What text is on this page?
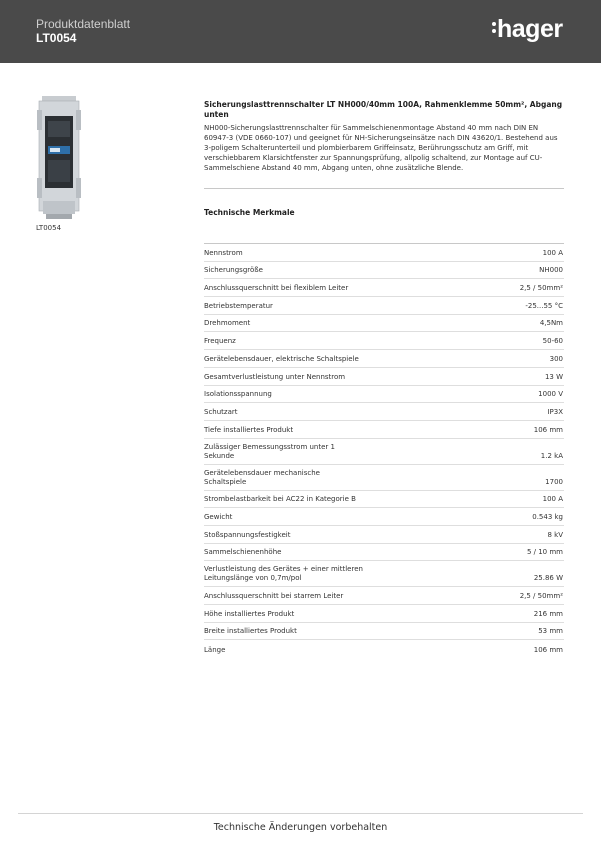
Produktdatenblatt
LT0054	hager
LT0054
Sicherungslasttrennschalter LT NH000/40mm 100A, Rahmenklemme 50mm², Abgang unten
NH000-Sicherungslasttrennschalter für Sammelschienenmontage Abstand 40 mm nach DIN EN 60947-3 (VDE 0660-107) und geeignet für NH-Sicherungseinsätze nach DIN 43620/1. Bestehend aus 3-poligem Schalterunterteil und plombierbarem Griffeinsatz, Berührungsschutz am Griff, mit verschiebbarem Klarsichtfenster zur Spannungsprüfung, allpolig schaltend, zur Montage auf CU-Sammelschiene Abstand 40 mm, Abgang unten, ohne zusätzliche Blende.
Technische Merkmale
Nennstrom	100 A
Sicherungsgröße	NH000
Anschlussquerschnitt bei flexiblem Leiter	2,5 / 50mm²
Betriebstemperatur	-25...55 °C
Drehmoment	4,5Nm
Frequenz	50-60
Gerätelebensdauer, elektrische Schaltspiele	300
Gesamtverlustleistung unter Nennstrom	13 W
Isolationsspannung	1000 V
Schutzart	IP3X
Tiefe installiertes Produkt	106 mm
Zulässiger Bemessungsstrom unter 1 Sekunde	1.2 kA
Gerätelebensdauer mechanische Schaltspiele	1700
Strombelastbarkeit bei AC22 in Kategorie B	100 A
Gewicht	0.543 kg
Stoßspannungsfestigkeit	8 kV
Sammelschienenhöhe	5 / 10 mm
Verlustleistung des Gerätes + einer mittleren Leitungslänge von 0,7m/pol	25.86 W
Anschlussquerschnitt bei starrem Leiter	2,5 / 50mm²
Höhe installiertes Produkt	216 mm
Breite installiertes Produkt	53 mm
Länge	106 mm
Technische Änderungen vorbehalten
